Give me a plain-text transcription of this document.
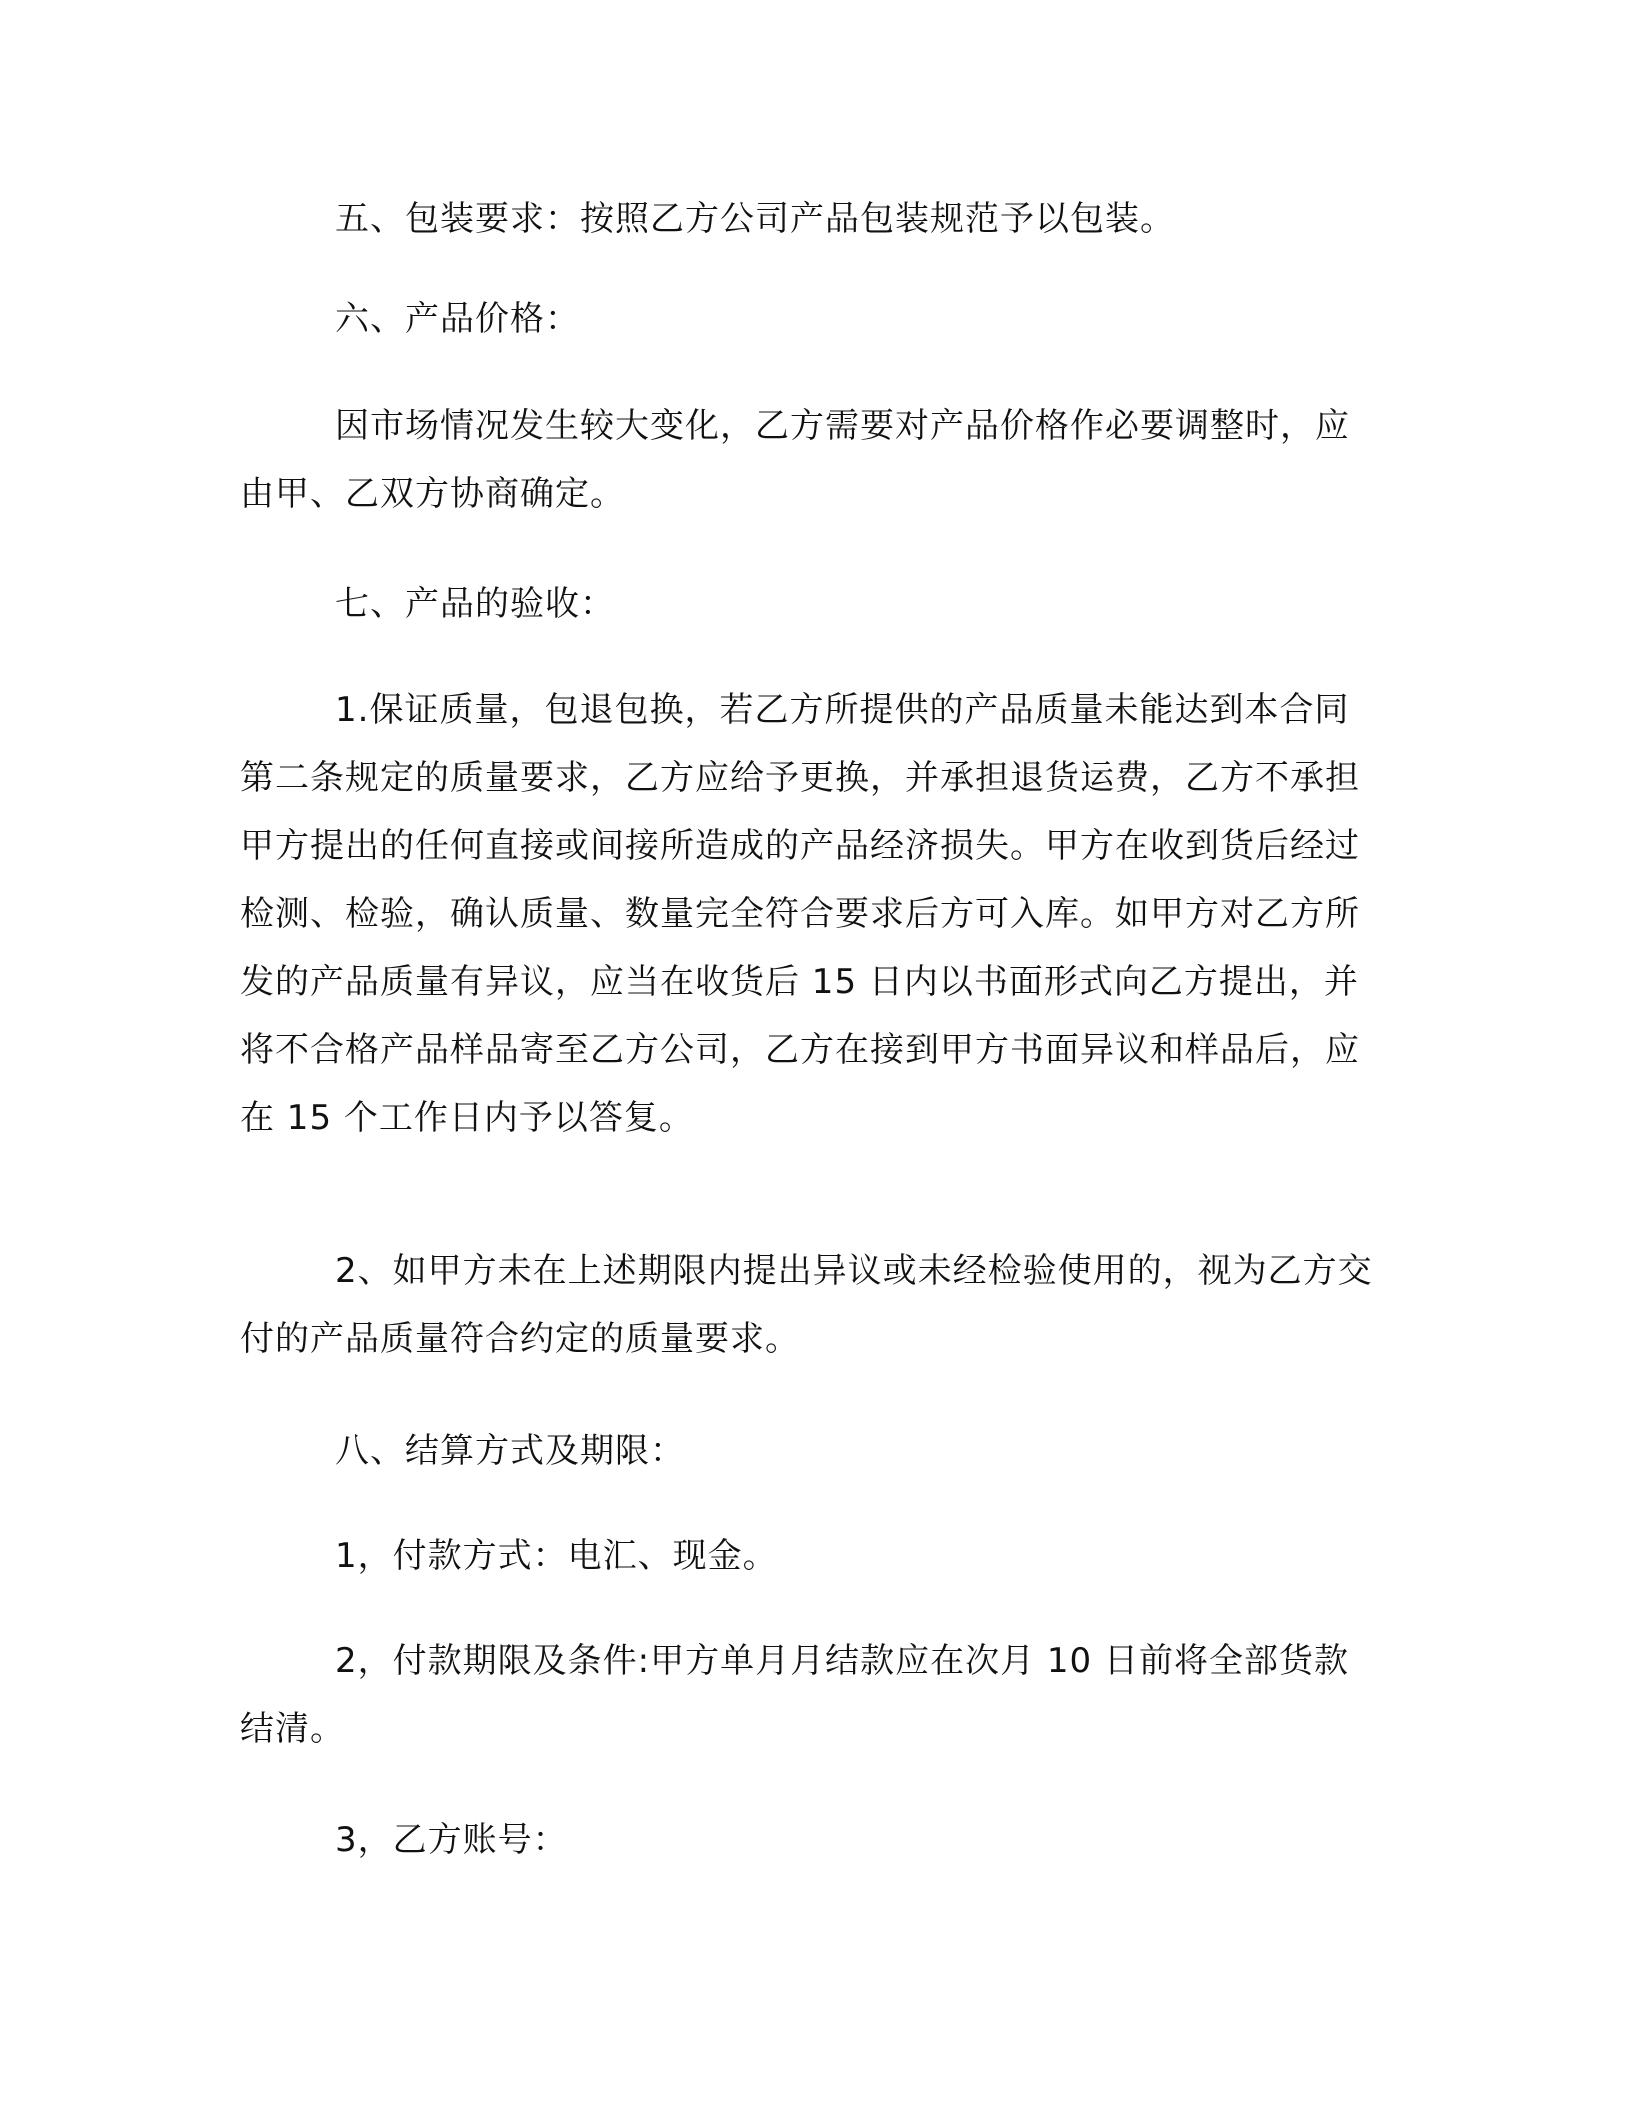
五、包装要求：按照乙方公司产品包装规范予以包装。

六、产品价格：

因市场情况发生较大变化，乙方需要对产品价格作必要调整时，应由甲、乙双方协商确定。

七、产品的验收：

1.保证质量，包退包换，若乙方所提供的产品质量未能达到本合同第二条规定的质量要求，乙方应给予更换，并承担退货运费，乙方不承担甲方提出的任何直接或间接所造成的产品经济损失。甲方在收到货后经过检测、检验，确认质量、数量完全符合要求后方可入库。如甲方对乙方所发的产品质量有异议，应当在收货后 15 日内以书面形式向乙方提出，并将不合格产品样品寄至乙方公司，乙方在接到甲方书面异议和样品后，应在 15 个工作日内予以答复。

2、如甲方未在上述期限内提出异议或未经检验使用的，视为乙方交付的产品质量符合约定的质量要求。

八、结算方式及期限：

1，付款方式：电汇、现金。

2，付款期限及条件:甲方单月月结款应在次月 10 日前将全部货款结清。

3，乙方账号：
